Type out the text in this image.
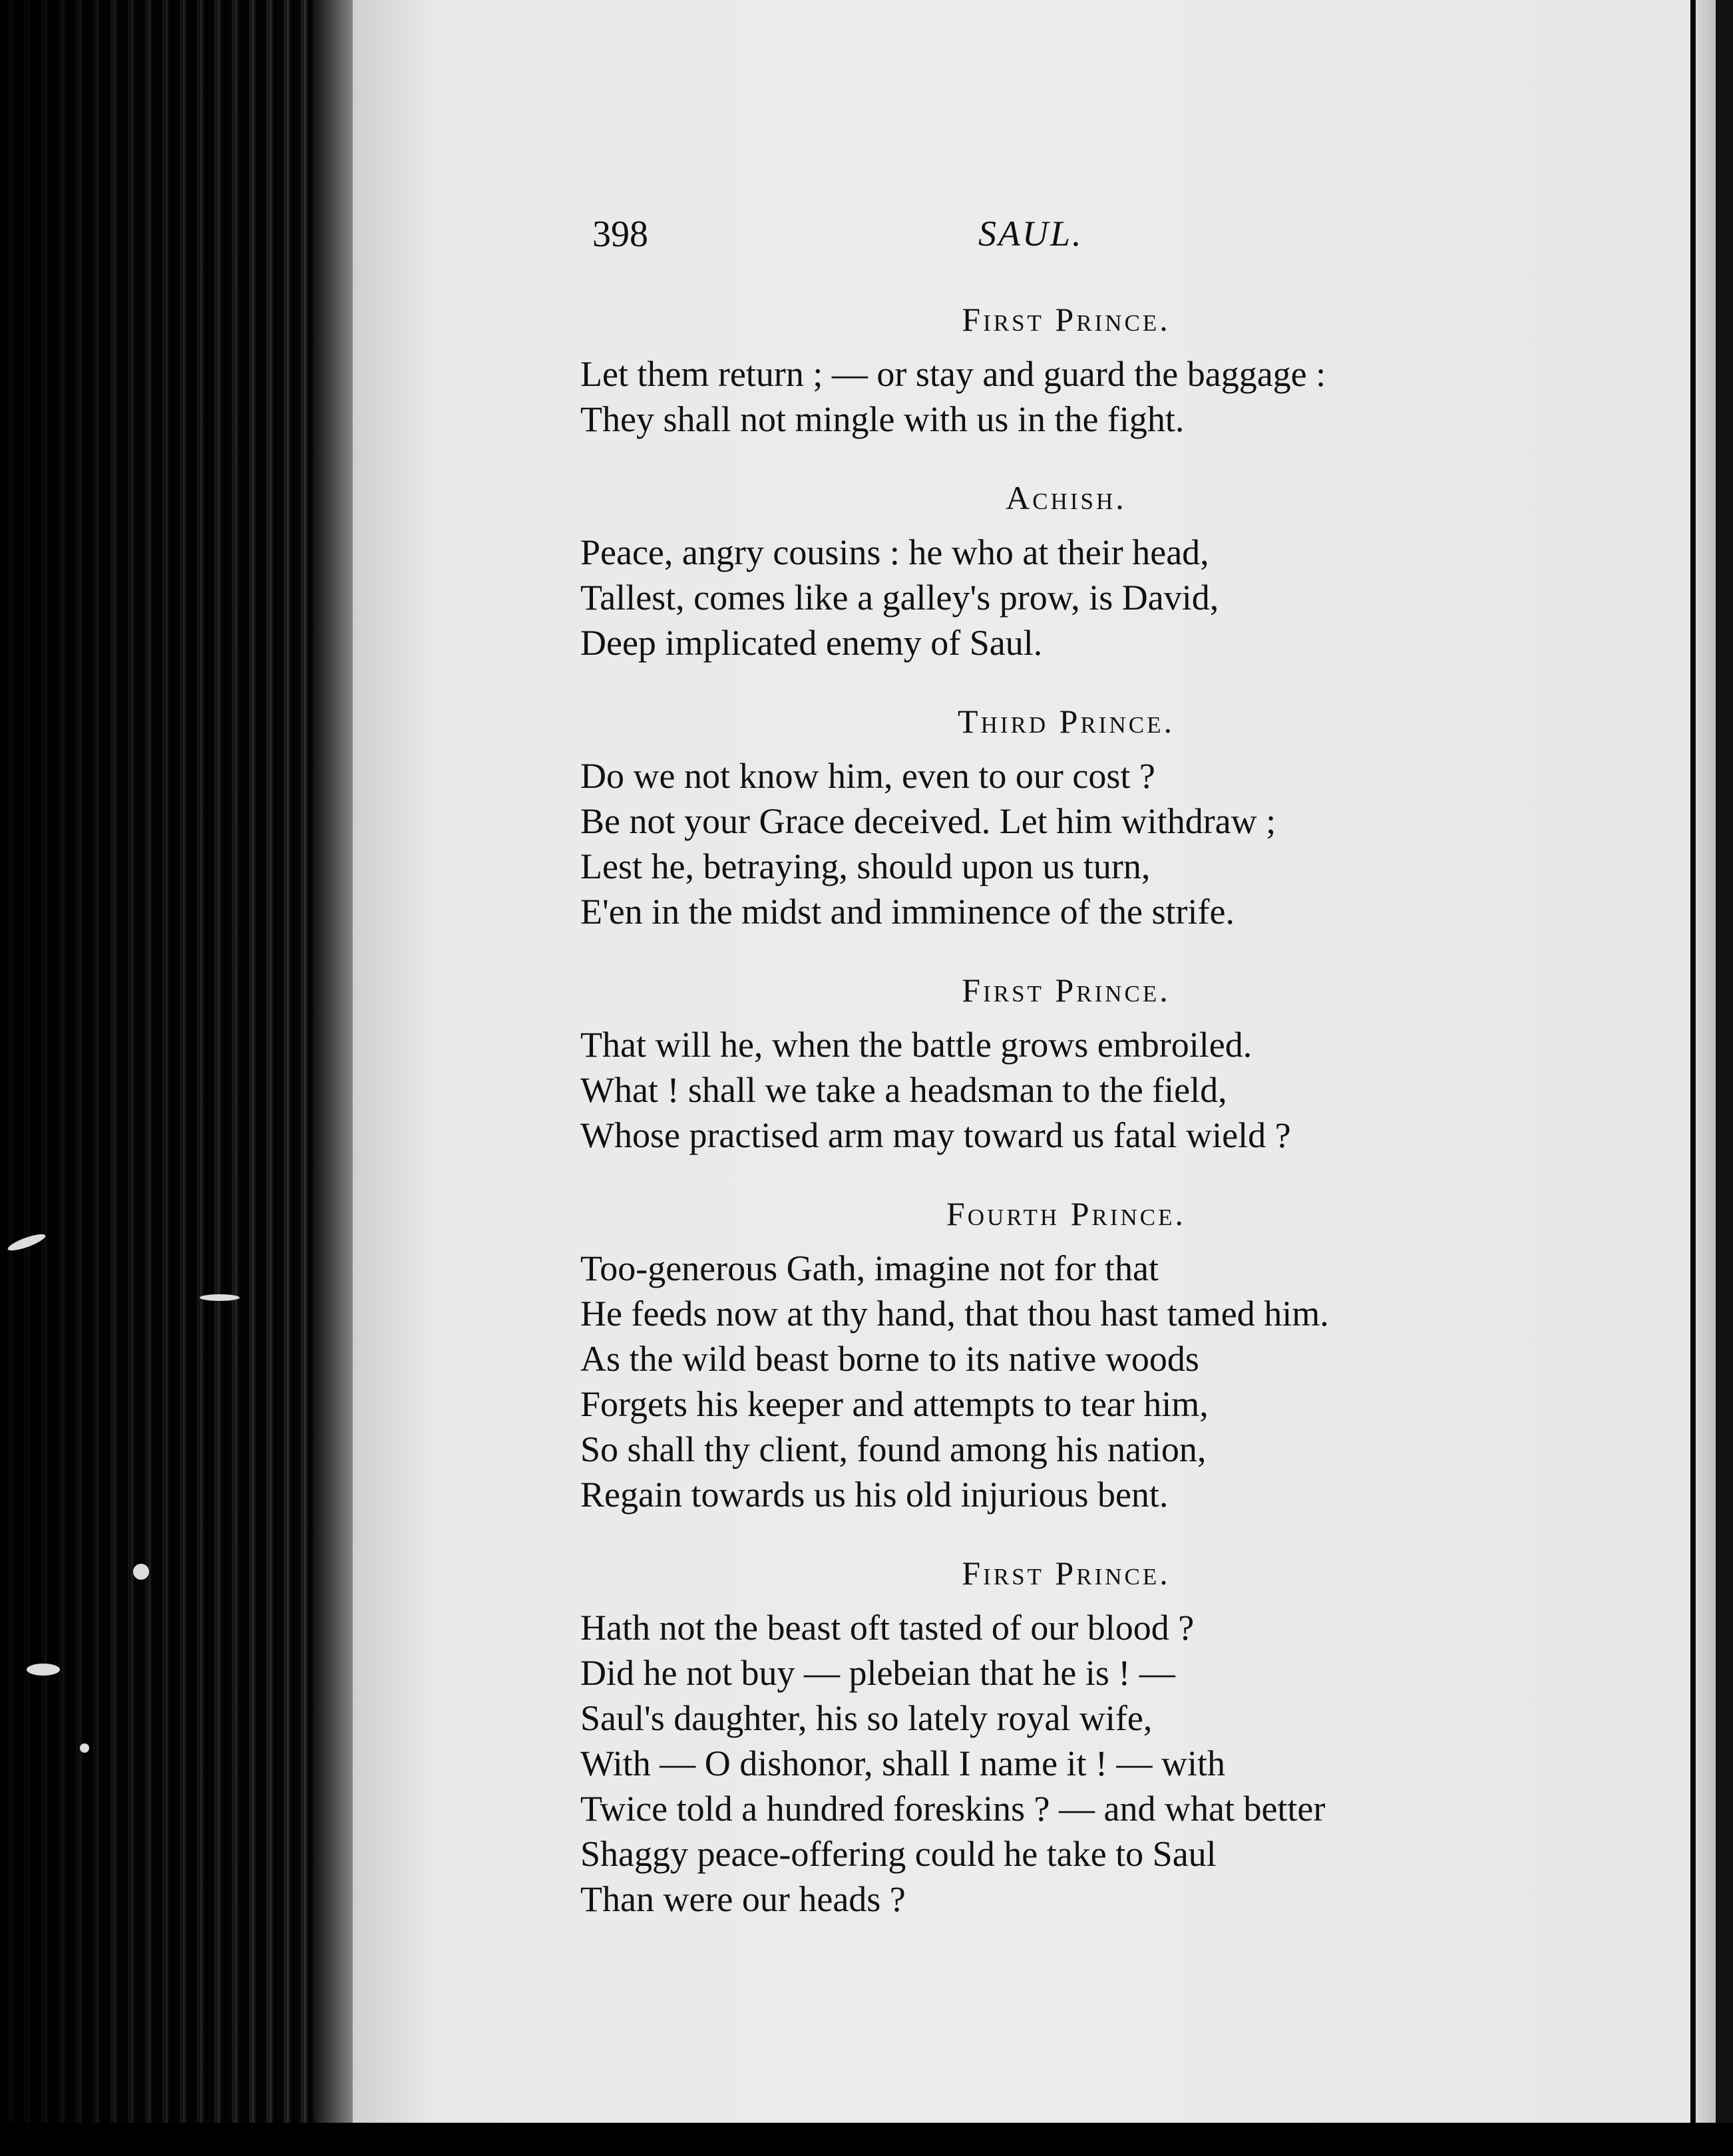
398	SAUL.
First Prince.
Let them return ; — or stay and guard the baggage :
They shall not mingle with us in the fight.
Achish.
Peace, angry cousins : he who at their head,
Tallest, comes like a galley's prow, is David,
Deep implicated enemy of Saul.
Third Prince.
Do we not know him, even to our cost ?
Be not your Grace deceived. Let him withdraw ;
Lest he, betraying, should upon us turn,
E'en in the midst and imminence of the strife.
First Prince.
That will he, when the battle grows embroiled.
What ! shall we take a headsman to the field,
Whose practised arm may toward us fatal wield ?
Fourth Prince.
Too-generous Gath, imagine not for that
He feeds now at thy hand, that thou hast tamed him.
As the wild beast borne to its native woods
Forgets his keeper and attempts to tear him,
So shall thy client, found among his nation,
Regain towards us his old injurious bent.
First Prince.
Hath not the beast oft tasted of our blood ?
Did he not buy — plebeian that he is ! —
Saul's daughter, his so lately royal wife,
With — O dishonor, shall I name it ! — with
Twice told a hundred foreskins ? — and what better
Shaggy peace-offering could he take to Saul
Than were our heads ?
